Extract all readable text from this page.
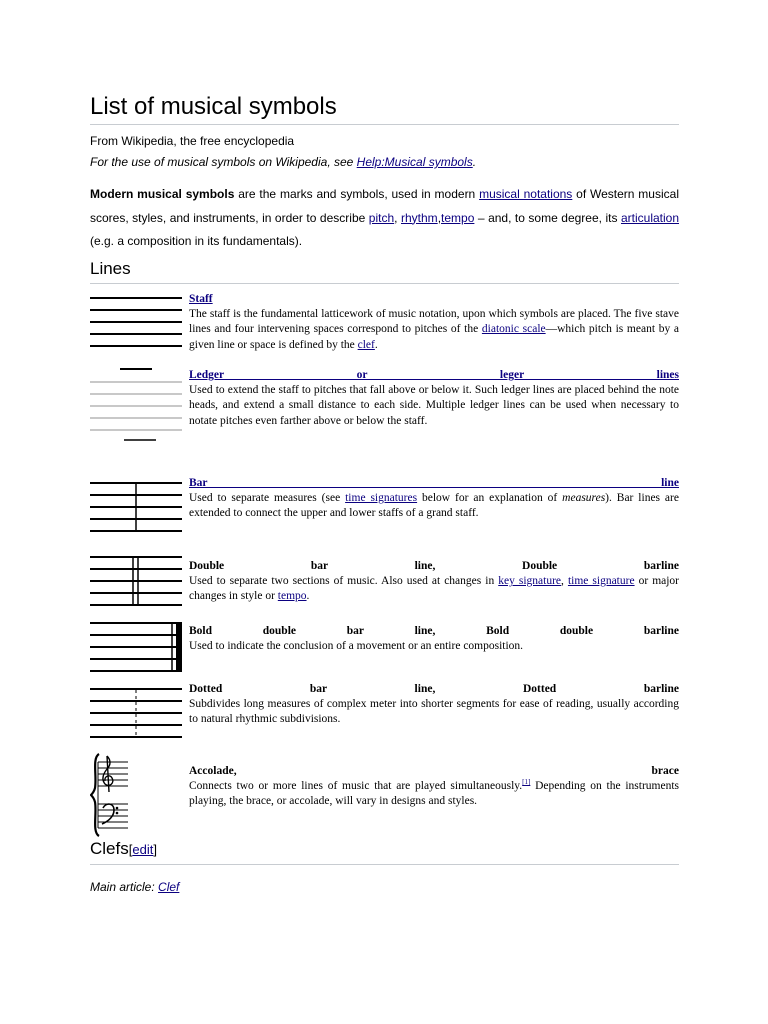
List of musical symbols
From Wikipedia, the free encyclopedia
For the use of musical symbols on Wikipedia, see Help:Musical symbols.

Modern musical symbols are the marks and symbols, used in modern musical notations of Western musical scores, styles, and instruments, in order to describe pitch, rhythm,tempo – and, to some degree, its articulation (e.g. a composition in its fundamentals).

Lines
Staff
The staff is the fundamental latticework of music notation, upon which symbols are placed. The five stave lines and four intervening spaces correspond to pitches of the diatonic scale—which pitch is meant by a given line or space is defined by the clef.
Ledger or leger lines
Used to extend the staff to pitches that fall above or below it. Such ledger lines are placed behind the note heads, and extend a small distance to each side. Multiple ledger lines can be used when necessary to notate pitches even farther above or below the staff.
Bar line
Used to separate measures (see time signatures below for an explanation of measures). Bar lines are extended to connect the upper and lower staffs of a grand staff.
Double bar line, Double barline
Used to separate two sections of music. Also used at changes in key signature, time signature or major changes in style or tempo.
Bold double bar line, Bold double barline
Used to indicate the conclusion of a movement or an entire composition.
Dotted bar line, Dotted barline
Subdivides long measures of complex meter into shorter segments for ease of reading, usually according to natural rhythmic subdivisions.
Accolade, brace
Connects two or more lines of music that are played simultaneously.[1] Depending on the instruments playing, the brace, or accolade, will vary in designs and styles.
Clefs[edit]
Main article: Clef
